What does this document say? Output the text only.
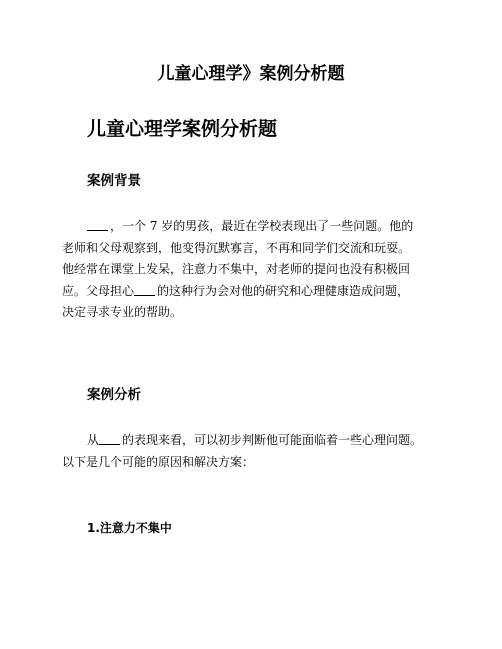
儿童心理学》案例分析题
儿童心理学案例分析题
案例背景
，一个 7 岁的男孩，最近在学校表现出了一些问题。他的
老师和父母观察到，他变得沉默寡言，不再和同学们交流和玩耍。
他经常在课堂上发呆，注意力不集中，对老师的提问也没有积极回
应。父母担心 的这种行为会对他的研究和心理健康造成问题，
决定寻求专业的帮助。
案例分析
从 的表现来看，可以初步判断他可能面临着一些心理问题。
以下是几个可能的原因和解决方案：
1.注意力不集中
